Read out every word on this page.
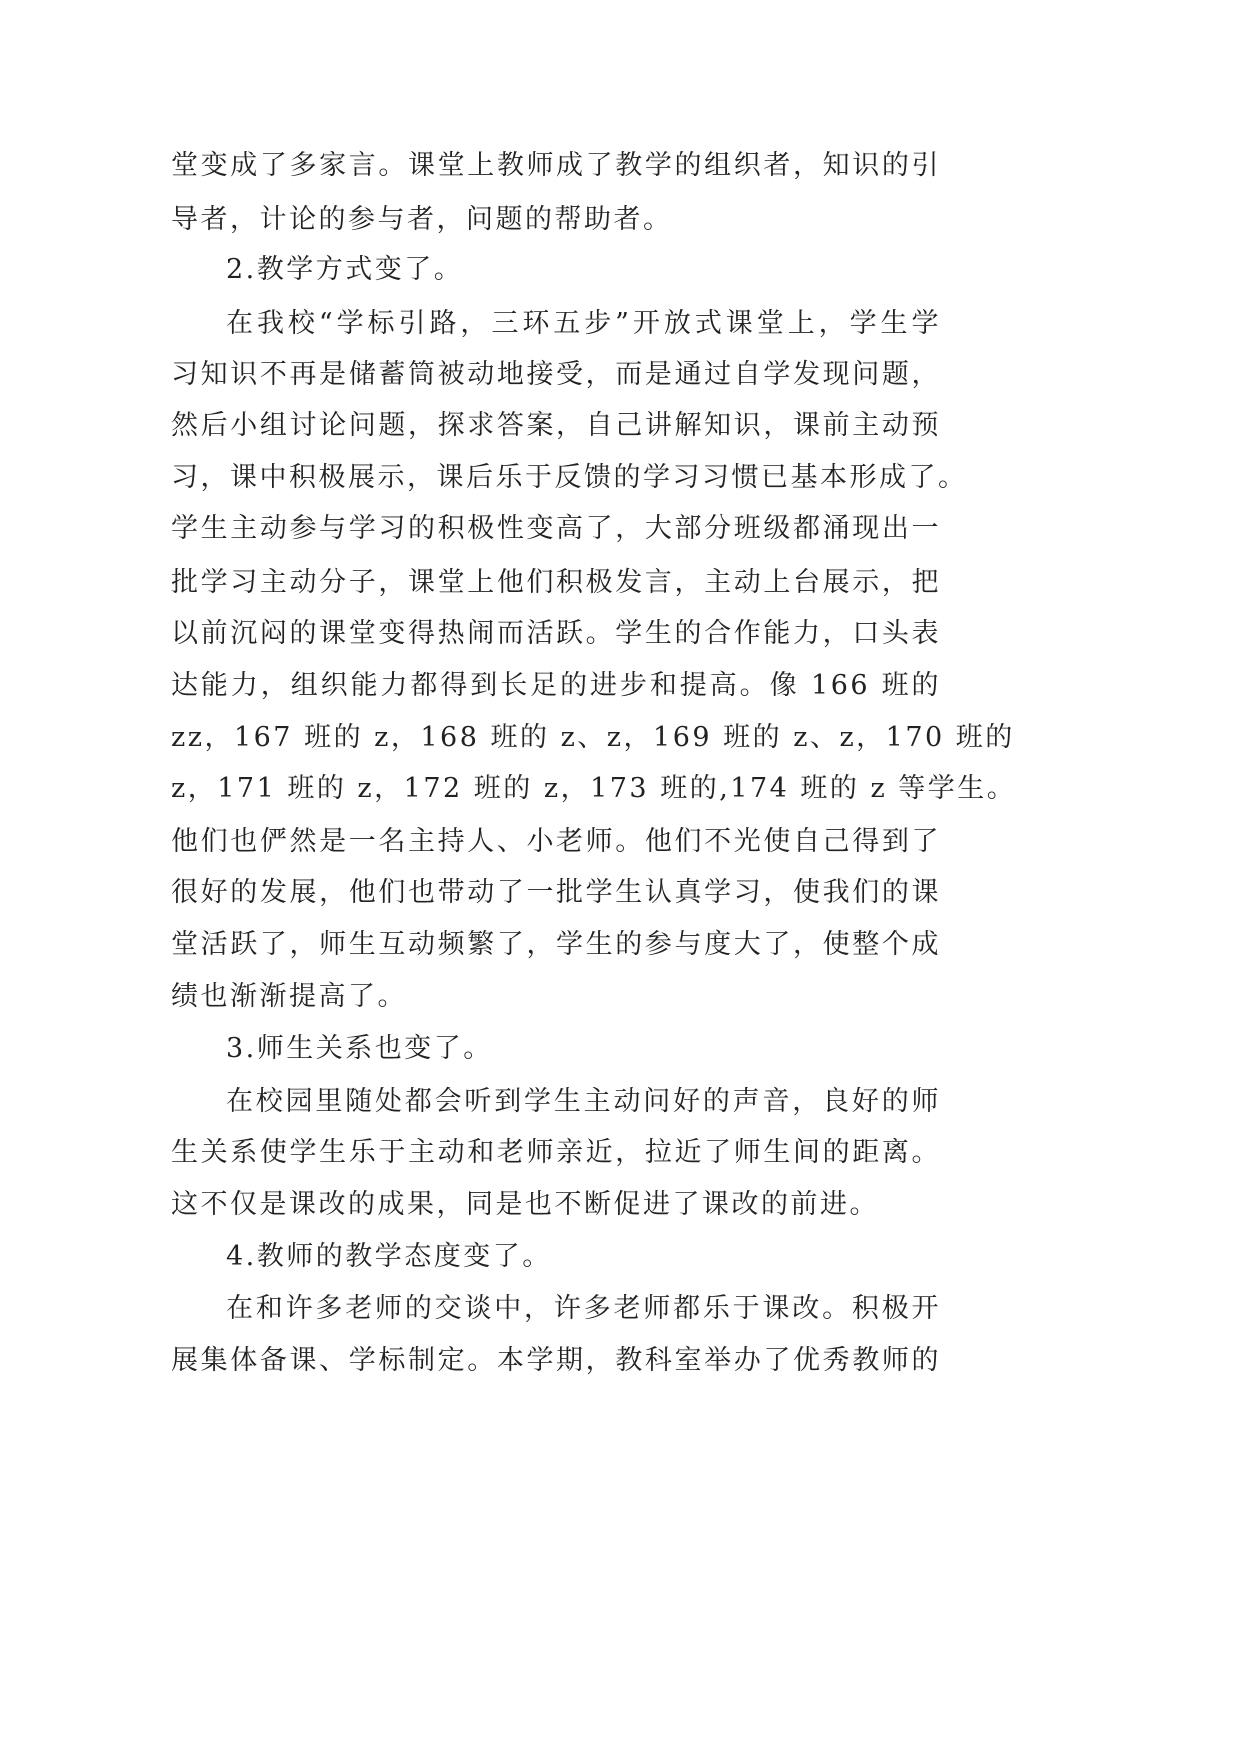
堂变成了多家言。课堂上教师成了教学的组织者，知识的引
导者，计论的参与者，问题的帮助者。
2.教学方式变了。
在我校“学标引路，三环五步”开放式课堂上，学生学
习知识不再是储蓄筒被动地接受，而是通过自学发现问题，
然后小组讨论问题，探求答案，自己讲解知识，课前主动预
习，课中积极展示，课后乐于反馈的学习习惯已基本形成了。
学生主动参与学习的积极性变高了，大部分班级都涌现出一
批学习主动分子，课堂上他们积极发言，主动上台展示，把
以前沉闷的课堂变得热闹而活跃。学生的合作能力，口头表
达能力，组织能力都得到长足的进步和提高。像 166 班的
zz，167 班的 z，168 班的 z、z，169 班的 z、z，170 班的
z，171 班的 z，172 班的 z，173 班的,174 班的 z 等学生。
他们也俨然是一名主持人、小老师。他们不光使自己得到了
很好的发展，他们也带动了一批学生认真学习，使我们的课
堂活跃了，师生互动频繁了，学生的参与度大了，使整个成
绩也渐渐提高了。
3.师生关系也变了。
在校园里随处都会听到学生主动问好的声音，良好的师
生关系使学生乐于主动和老师亲近，拉近了师生间的距离。
这不仅是课改的成果，同是也不断促进了课改的前进。
4.教师的教学态度变了。
在和许多老师的交谈中，许多老师都乐于课改。积极开
展集体备课、学标制定。本学期，教科室举办了优秀教师的
